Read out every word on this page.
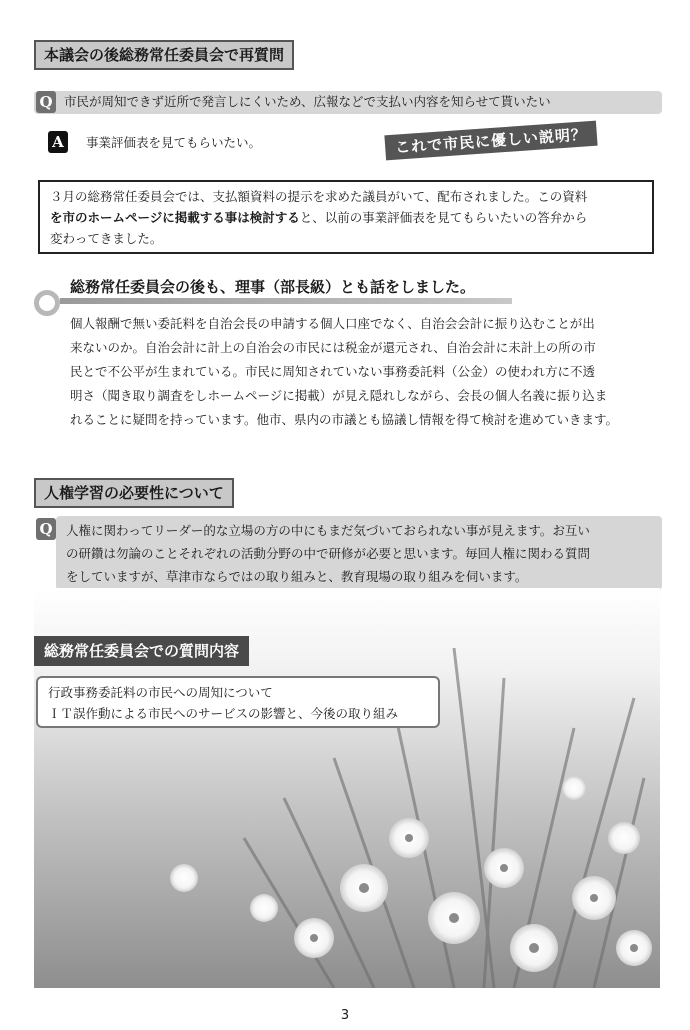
本議会の後総務常任委員会で再質問
市民が周知できず近所で発言しにくいため、広報などで支払い内容を知らせて貰いたい
Q
A	事業評価表を見てもらいたい。	これで市民に優しい説明？
３月の総務常任委員会では、支払額資料の提示を求めた議員がいて、配布されました。この資料
を市のホームページに掲載する事は検討すると、以前の事業評価表を見てもらいたいの答弁から
変わってきました。
総務常任委員会の後も、理事（部長級）とも話をしました。
個人報酬で無い委託料を自治会長の申請する個人口座でなく、自治会会計に振り込むことが出
来ないのか。自治会計に計上の自治会の市民には税金が還元され、自治会計に未計上の所の市
民とで不公平が生まれている。市民に周知されていない事務委託料（公金）の使われ方に不透
明さ（聞き取り調査をしホームページに掲載）が見え隠れしながら、会長の個人名義に振り込ま
れることに疑問を持っています。他市、県内の市議とも協議し情報を得て検討を進めていきます。
人権学習の必要性について
人権に関わってリーダー的な立場の方の中にもまだ気づいておられない事が見えます。お互い
の研鑽は勿論のことそれぞれの活動分野の中で研修が必要と思います。毎回人権に関わる質問
をしていますが、草津市ならではの取り組みと、教育現場の取り組みを伺います。
Q
総務常任委員会での質問内容
行政事務委託料の市民への周知について
ＩＴ誤作動による市民へのサービスの影響と、今後の取り組み
3
